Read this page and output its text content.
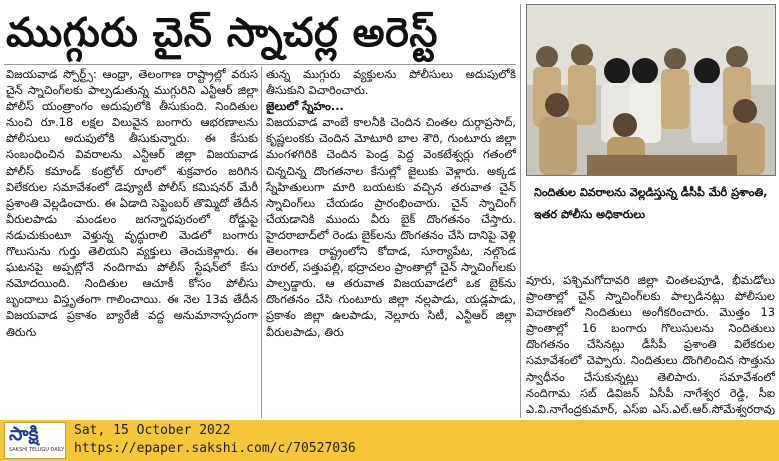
ముగ్గురు చైన్ స్నాచర్ల అరెస్ట్

విజయవాడ స్పోర్ట్స్: ఆంధ్రా, తెలంగాణ రాష్ట్రాల్లో వరుస చైన్ స్నాచింగ్‌లకు పాల్పడుతున్న ముగ్గురిని ఎన్టీఆర్ జిల్లా పోలీస్ యంత్రాంగం అదుపులోకి తీసుకుంది. నిందితుల నుంచి రూ.18 లక్షల విలువైన బంగారు ఆభరణాలను పోలీసులు అదుపులోకి తీసుకున్నారు. ఈ కేసుకు సంబంధించిన వివరాలను ఎన్టీఆర్ జిల్లా విజయవాడ పోలీస్ కమాండ్ కంట్రోల్ రూంలో శుక్రవారం జరిగిన విలేకరుల సమావేశంలో డెప్యూటీ పోలీస్ కమిషనర్ మేరీ ప్రశాంతి వెల్లడించారు. ఈ ఏడాది సెప్టెంబర్ తొమ్మిదో తేదీన వీరులపాడు మండలం జగన్నాధపురంలో రోడ్డుపై నడుచుకుంటూ వెళ్తున్న వృద్ధురాలి మెడలో బంగారు గొలుసును గుర్తు తెలియని వ్యక్తులు తెంచుకెళ్లారు. ఈ ఘటనపై అప్పట్లోనే నందిగామ పోలీస్ స్టేషన్‌లో కేసు నమోదయింది. నిందితుల ఆచూకీ కోసం పోలీసు బృందాలు విస్తృతంగా గాలించాయి. ఈ నెల 13వ తేదీన విజయవాడ ప్రకాశం బ్యారేజీ వద్ద అనుమానాస్పదంగా తిరుగు

తున్న ముగ్గురు వ్యక్తులను పోలీసులు అదుపులోకి తీసుకుని విచారించారు.

జైలులో స్నేహం...

విజయవాడ వాంబే కాలనీకి చెందిన చింతల దుర్గాప్రసాద్, కృష్ణలంకకు చెందిన మోటూరి బాల శౌరి, గుంటూరు జిల్లా మంగళగిరికి చెందిన పెండ్ర పెద్ద వెంకటేశ్వర్లు గతంలో చిన్నచిన్న దొంగతనాల కేసుల్లో జైలుకు వెళ్లారు. అక్కడ స్నేహితులుగా మారి బయటకు వచ్చిన తరువాత చైన్ స్నాచింగ్‌లు చేయడం ప్రారంభించారు. చైన్ స్నాచింగ్ చేయడానికి ముందు వీరు బైక్ దొంగతనం చేస్తారు. హైదరాబాద్‌లో రెండు బైక్‌లను దొంగతనం చేసి దానిపై వెళ్లి తెలంగాణ రాష్ట్రంలోని కోదాడ, సూర్యాపేట, నల్గొండ రూరల్, సత్తుపల్లి, భద్రాచలం ప్రాంతాల్లో చైన్ స్నాచింగ్‌లకు పాల్పడ్డారు. ఆ తరువాత విజయవాడలో ఒక బైక్‌ను దొంగతనం చేసి గుంటూరు జిల్లా నల్లపాడు, యడ్లపాడు, ప్రకాశం జిల్లా ఉలపాడు, నెల్లూరు సిటీ, ఎన్టీఆర్ జిల్లా వీరులపాడు, తిరు

నిందితుల వివరాలను వెల్లడిస్తున్న డీసీపీ మేరీ ప్రశాంతి, ఇతర పోలీసు అధికారులు

వూరు, పశ్చిమగోదావరి జిల్లా చింతలపూడి, భీమడోలు ప్రాంతాల్లో చైన్ స్నాచింగ్‌లకు పాల్పడినట్లు పోలీసుల విచారణలో నిందితులు అంగీకరించారు. మొత్తం 13 ప్రాంతాల్లో 16 బంగారు గొలుసులను నిందితులు దొంగతనం చేసినట్లు డీసీపీ ప్రశాంతి విలేకరుల సమావేశంలో చెప్పారు. నిందితులు దొంగిలించిన సొత్తును స్వాధీనం చేసుకున్నట్లు తెలిపారు. సమావేశంలో నందిగామ సబ్ డివిజన్ ఏసీపీ నాగేశ్వర రెడ్డి, సీఐ ఎ.వి.నాగేంద్రకుమార్, ఎస్ఐ ఎస్.ఎల్.ఆర్.సోమేశ్వరరావు

సాక్షి
SAKSHI TELUGU DAILY
Sat, 15 October 2022
https://epaper.sakshi.com/c/70527036
